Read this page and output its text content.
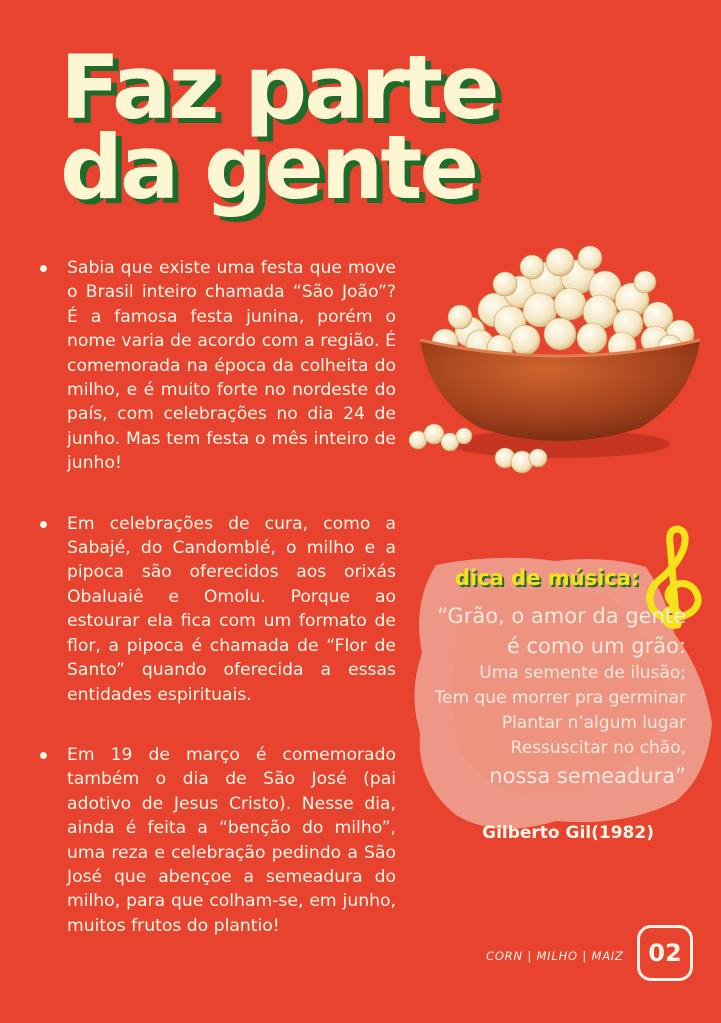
Faz parte
da gente

Sabia que existe uma festa que move o Brasil inteiro chamada “São João”? É a famosa festa junina, porém o nome varia de acordo com a região. É comemorada na época da colheita do milho, e é muito forte no nordeste do país, com celebrações no dia 24 de junho. Mas tem festa o mês inteiro de junho!

Em celebrações de cura, como a Sabajé, do Candomblé, o milho e a pipoca são oferecidos aos orixás Obaluaiê e Omolu. Porque ao estourar ela fica com um formato de flor, a pipoca é chamada de “Flor de Santo” quando oferecida a essas entidades espirituais.

Em 19 de março é comemorado também o dia de São José (pai adotivo de Jesus Cristo). Nesse dia, ainda é feita a “benção do milho”, uma reza e celebração pedindo a São José que abençoe a semeadura do milho, para que colham-se, em junho, muitos frutos do plantio!

dica de música:
“Grão, o amor da gente
é como um grão:
Uma semente de ilusão;
Tem que morrer pra germinar
Plantar n’algum lugar
Ressuscitar no chão,
nossa semeadura”
Gilberto Gil(1982)
CORN | MILHO | MAIZ 02
